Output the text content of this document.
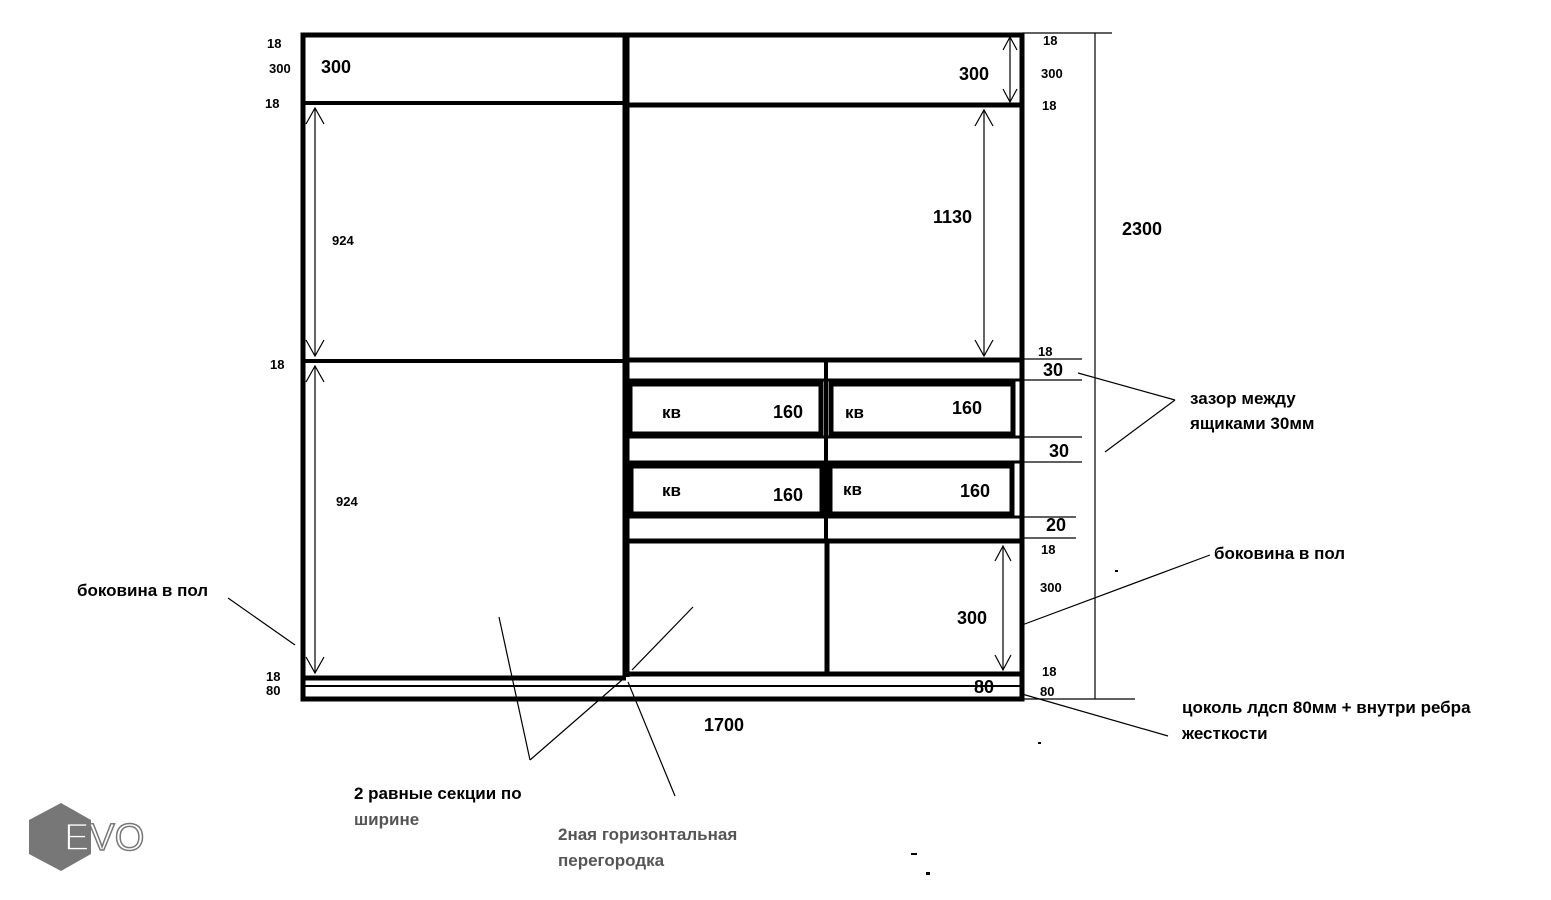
18
300 300
18
924
18
924
18
80
18
300
300
18
1130
2300
18
30
30
20
18
300
300
18
80	80
1700
кв	160 кв	160
кв	160 кв	160
зазор между
ящиками 30мм
боковина в пол
боковина в пол
цоколь лдсп 80мм + внутри ребра
жесткости
2 равные секции по
ширине
2ная горизонтальная
перегородка
EVO
